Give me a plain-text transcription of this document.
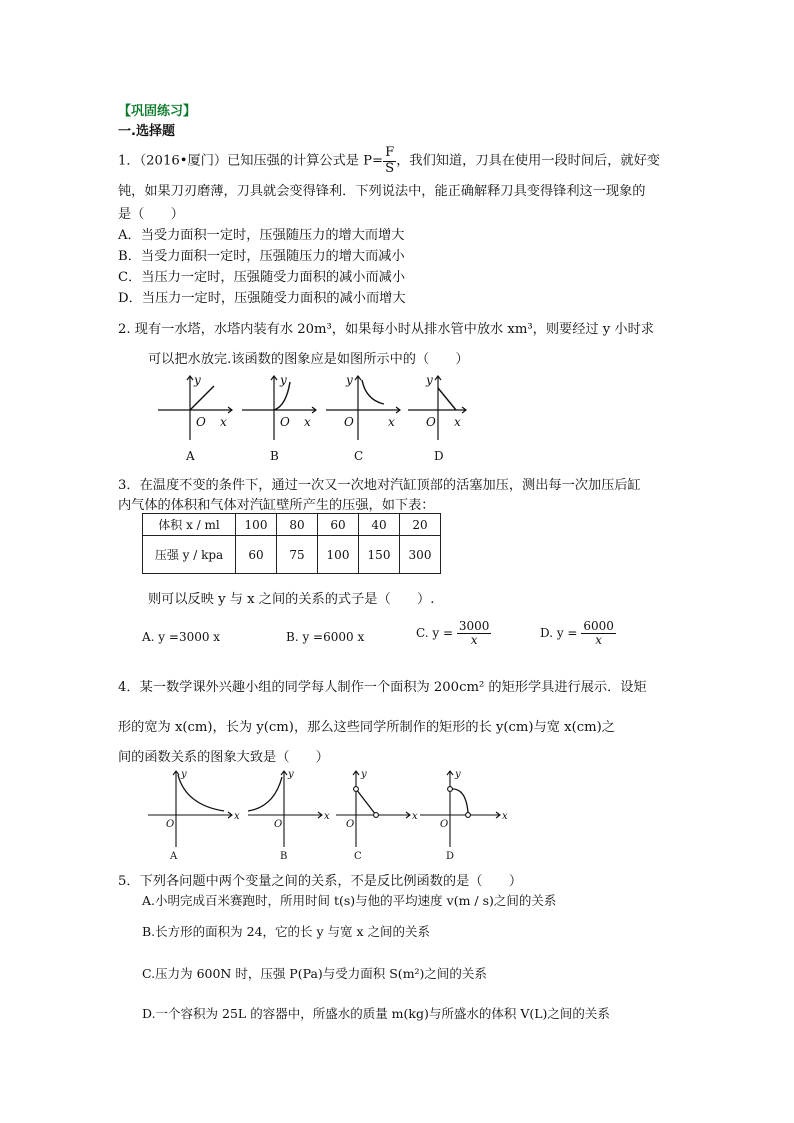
【巩固练习】
一.选择题
1．（2016•厦门）已知压强的计算公式是 $P= \frac{F}{S}$ ，我们知道，刀具在使用一段时间后，就好变
钝，如果刀刃磨薄，刀具就会变得锋利．下列说法中，能正确解释刀具变得锋利这一现象的
是（　　）
A．当受力面积一定时，压强随压力的增大而增大
B．当受力面积一定时，压强随压力的增大而减小
C．当压力一定时，压强随受力面积的减小而减小
D．当压力一定时，压强随受力面积的减小而增大
2. 现有一水塔，水塔内装有水 20m³，如果每小时从排水管中放水 xm³，则要经过 y 小时求
可以把水放完.该函数的图象应是如图所示中的（　　）
y
O x
A
y
O x
B
y
O	x
C
y
O x
D
3．在温度不变的条件下，通过一次又一次地对汽缸顶部的活塞加压，测出每一次加压后缸
内气体的体积和气体对汽缸壁所产生的压强，如下表：
体积 x / ml	100	80	60	40	20
压强 y / kpa	60	75	100	150	300
则可以反映 y 与 x 之间的关系的式子是（　　）.
A. y =3000 x	B. y =6000 x	C. $y = \frac{3000}{x}$	D. $y = \frac{6000}{x}$
4．某一数学课外兴趣小组的同学每人制作一个面积为 200cm² 的矩形学具进行展示．设矩
形的宽为 x(cm)，长为 y(cm)，那么这些同学所制作的矩形的长 y(cm)与宽 x(cm)之
间的函数关系的图象大致是（　　）
y
O
x
A
y
O
x
B
y
O
x
C
y
O
x
D
5．下列各问题中两个变量之间的关系，不是反比例函数的是（　　）
A.小明完成百米赛跑时，所用时间 t(s)与他的平均速度 v(m / s)之间的关系
B.长方形的面积为 24，它的长 y 与宽 x 之间的关系
C.压力为 600N 时，压强 P(Pa)与受力面积 S(m²)之间的关系
D.一个容积为 25L 的容器中，所盛水的质量 m(kg)与所盛水的体积 V(L)之间的关系
